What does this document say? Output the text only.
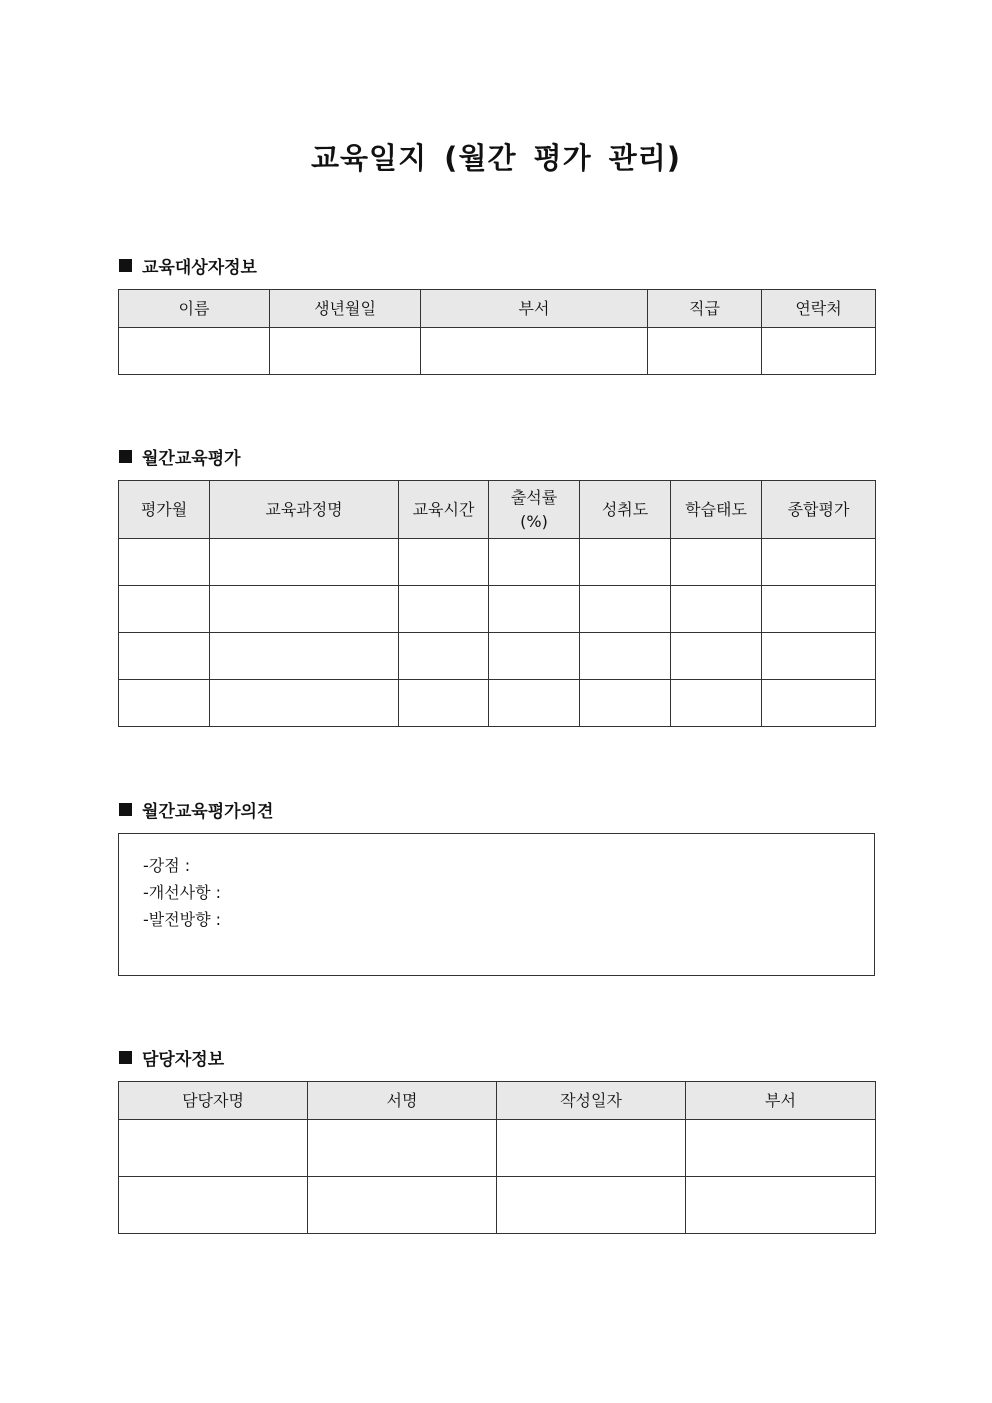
교육일지 (월간 평가 관리)
교육대상자정보
이름	생년월일	부서	직급	연락처

월간교육평가
평가월	교육과정명	교육시간	출석률(%)	성취도	학습태도	종합평가

월간교육평가의견
-강점 :
-개선사항 :
-발전방향 :
담당자정보
담당자명	서명	작성일자	부서
